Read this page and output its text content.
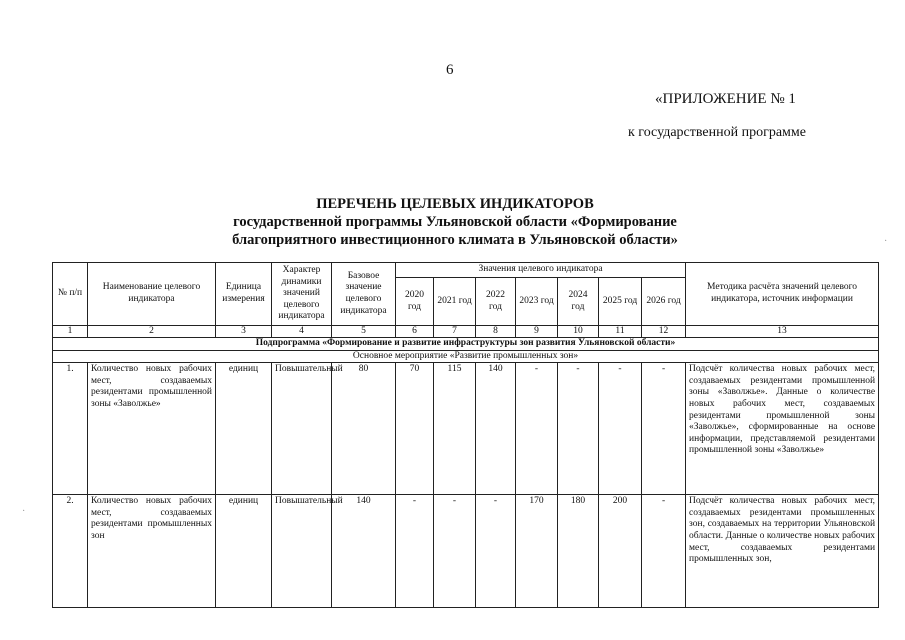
6
«ПРИЛОЖЕНИЕ № 1
к государственной программе
ПЕРЕЧЕНЬ ЦЕЛЕВЫХ ИНДИКАТОРОВ
государственной программы Ульяновской области «Формирование
благоприятного инвестиционного климата в Ульяновской области»
·
·
№ п/п	Наименование целевого индикатора	Единица измерения	Характер динамики значений целевого индикатора	Базовое значение целевого индикатора	Значения целевого индикатора							Методика расчёта значений целевого индикатора, источник информации
					2020 год	2021 год	2022 год	2023 год	2024 год	2025 год	2026 год	
1	2	3	4	5	6	7	8	9	10	11	12	13
Подпрограмма «Формирование и развитие инфраструктуры зон развития Ульяновской области»												
Основное мероприятие «Развитие промышленных зон»												
1.	Количество новых рабочих мест, создаваемых резидентами промышленной зоны «Заволжье»	единиц	Повышательный	80	70	115	140	-	-	-	-	Подсчёт количества новых рабочих мест, создаваемых резидентами промышленной зоны «Заволжье». Данные о количестве новых рабочих мест, создаваемых резидентами промышленной зоны «Заволжье», сформированные на основе информации, представляемой резидентами промышленной зоны «Заволжье»
2.	Количество новых рабочих мест, создаваемых резидентами промышленных зон	единиц	Повышательный	140	-	-	-	170	180	200	-	Подсчёт количества новых рабочих мест, создаваемых резидентами промышленных зон, создаваемых на территории Ульяновской области. Данные о количестве новых рабочих мест, создаваемых резидентами промышленных зон,
